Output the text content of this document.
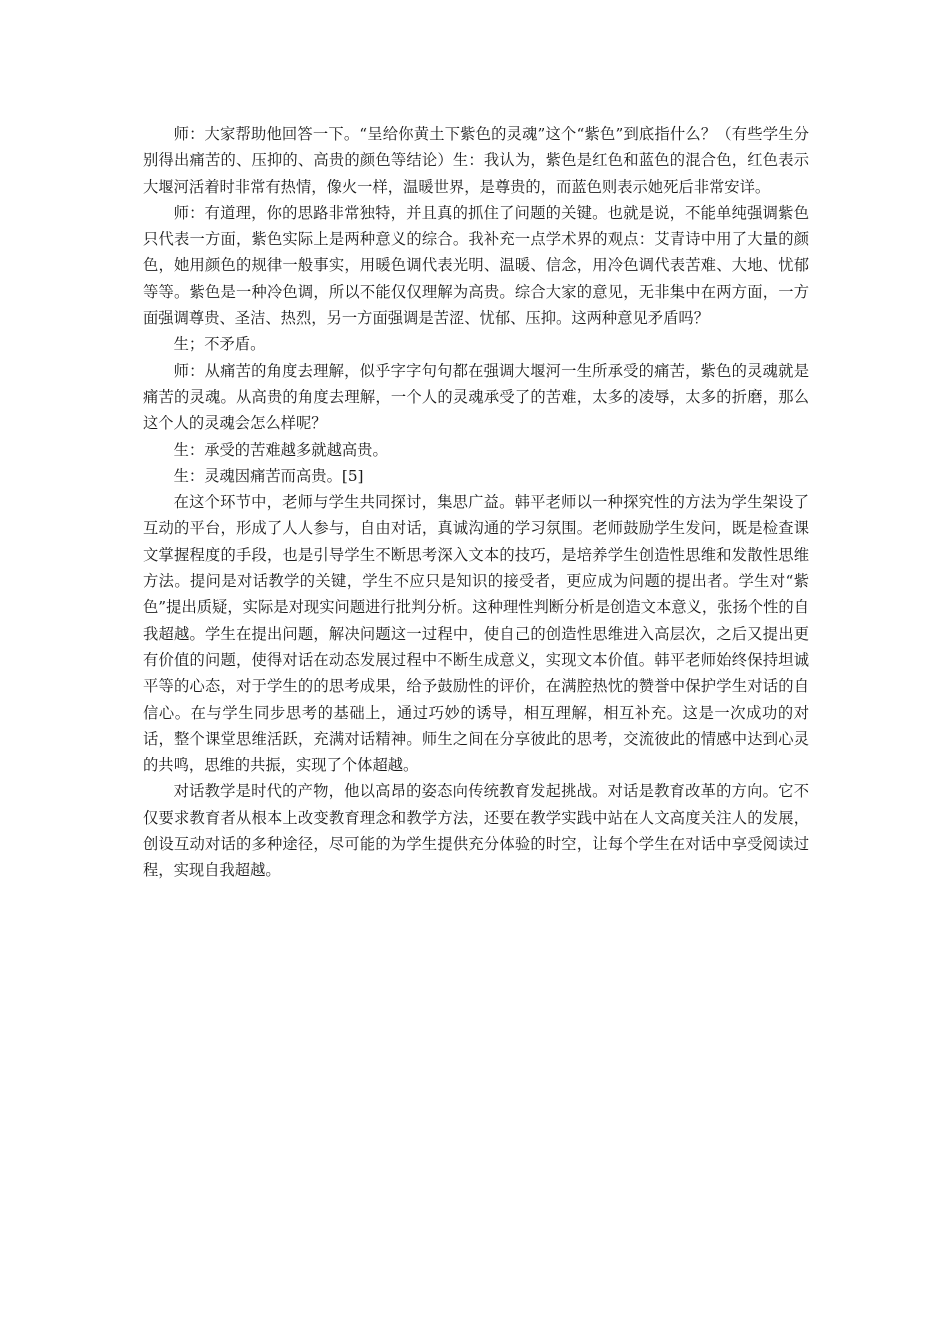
师：大家帮助他回答一下。“呈给你黄土下紫色的灵魂”这个“紫色”到底指什么？（有些学生分别得出痛苦的、压抑的、高贵的颜色等结论）生：我认为，紫色是红色和蓝色的混合色，红色表示大堰河活着时非常有热情，像火一样，温暖世界，是尊贵的，而蓝色则表示她死后非常安详。

师：有道理，你的思路非常独特，并且真的抓住了问题的关键。也就是说，不能单纯强调紫色只代表一方面，紫色实际上是两种意义的综合。我补充一点学术界的观点：艾青诗中用了大量的颜色，她用颜色的规律一般事实，用暖色调代表光明、温暖、信念，用冷色调代表苦难、大地、忧郁等等。紫色是一种冷色调，所以不能仅仅理解为高贵。综合大家的意见，无非集中在两方面，一方面强调尊贵、圣洁、热烈，另一方面强调是苦涩、忧郁、压抑。这两种意见矛盾吗？

生；不矛盾。

师：从痛苦的角度去理解，似乎字字句句都在强调大堰河一生所承受的痛苦，紫色的灵魂就是痛苦的灵魂。从高贵的角度去理解，一个人的灵魂承受了的苦难，太多的凌辱，太多的折磨，那么这个人的灵魂会怎么样呢？

生：承受的苦难越多就越高贵。

生：灵魂因痛苦而高贵。[5]

在这个环节中，老师与学生共同探讨，集思广益。韩平老师以一种探究性的方法为学生架设了互动的平台，形成了人人参与，自由对话，真诚沟通的学习氛围。老师鼓励学生发问，既是检查课文掌握程度的手段，也是引导学生不断思考深入文本的技巧，是培养学生创造性思维和发散性思维方法。提问是对话教学的关键，学生不应只是知识的接受者，更应成为问题的提出者。学生对“紫色”提出质疑，实际是对现实问题进行批判分析。这种理性判断分析是创造文本意义，张扬个性的自我超越。学生在提出问题，解决问题这一过程中，使自己的创造性思维进入高层次，之后又提出更有价值的问题，使得对话在动态发展过程中不断生成意义，实现文本价值。韩平老师始终保持坦诚平等的心态，对于学生的的思考成果，给予鼓励性的评价，在满腔热忱的赞誉中保护学生对话的自信心。在与学生同步思考的基础上，通过巧妙的诱导，相互理解，相互补充。这是一次成功的对话，整个课堂思维活跃，充满对话精神。师生之间在分享彼此的思考，交流彼此的情感中达到心灵的共鸣，思维的共振，实现了个体超越。

对话教学是时代的产物，他以高昂的姿态向传统教育发起挑战。对话是教育改革的方向。它不仅要求教育者从根本上改变教育理念和教学方法，还要在教学实践中站在人文高度关注人的发展，创设互动对话的多种途径，尽可能的为学生提供充分体验的时空，让每个学生在对话中享受阅读过程，实现自我超越。
